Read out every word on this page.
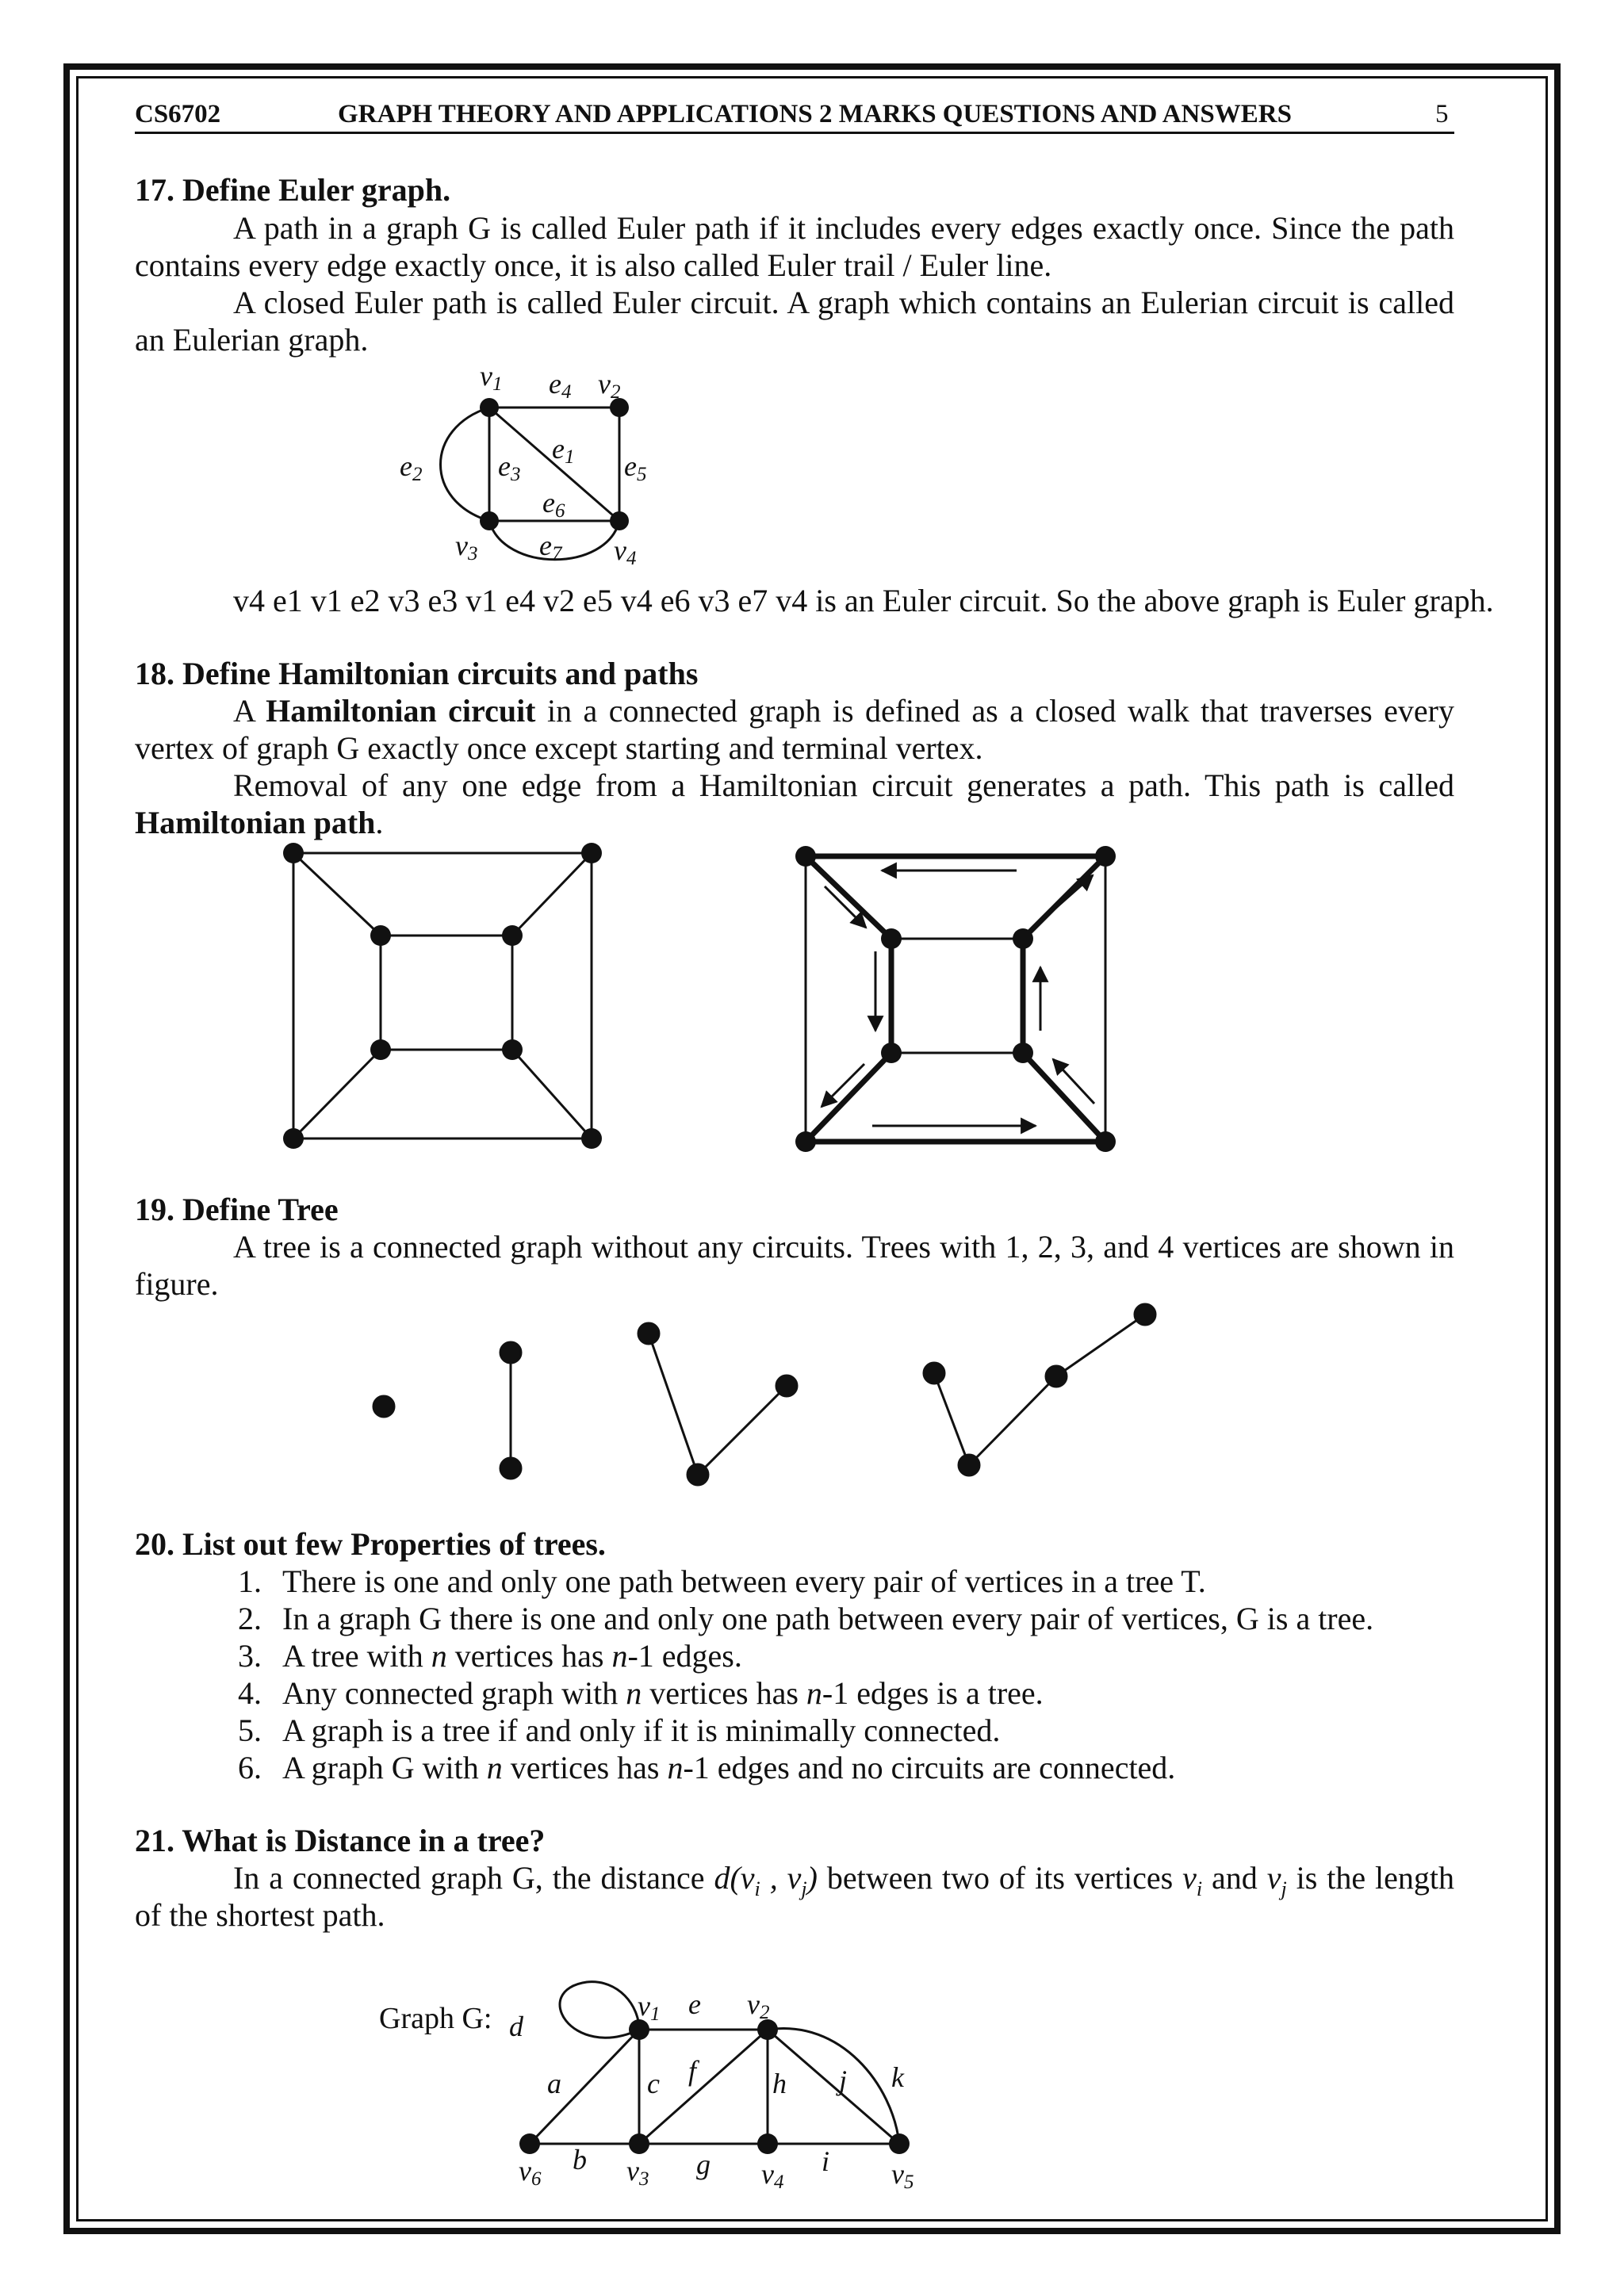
CS6702	GRAPH THEORY AND APPLICATIONS 2 MARKS QUESTIONS AND ANSWERS	5
17. Define Euler graph.
A path in a graph G is called Euler path if it includes every edges exactly once. Since the path
contains every edge exactly once, it is also called Euler trail / Euler line.
A closed Euler path is called Euler circuit. A graph which contains an Eulerian circuit is called
an Eulerian graph.
v1 e4 v2
e1
e2	e3	e5
e6
v3 e7 v4
Graph G: d
v1 e v2
a	c f	h j k
b	g	i
v6	v3	v4	v5
v4 e1 v1 e2 v3 e3 v1 e4 v2 e5 v4 e6 v3 e7 v4 is an Euler circuit. So the above graph is Euler graph.
18. Define Hamiltonian circuits and paths
A Hamiltonian circuit in a connected graph is defined as a closed walk that traverses every
vertex of graph G exactly once except starting and terminal vertex.
Removal of any one edge from a Hamiltonian circuit generates a path. This path is called
Hamiltonian path.
19. Define Tree
A tree is a connected graph without any circuits. Trees with 1, 2, 3, and 4 vertices are shown in
figure.
20. List out few Properties of trees.
1. There is one and only one path between every pair of vertices in a tree T.
2. In a graph G there is one and only one path between every pair of vertices, G is a tree.
3. A tree with n vertices has n-1 edges.
4. Any connected graph with n vertices has n-1 edges is a tree.
5. A graph is a tree if and only if it is minimally connected.
6. A graph G with n vertices has n-1 edges and no circuits are connected.
21. What is Distance in a tree?
In a connected graph G, the distance $d(v_i$ , $v_j$) between two of its vertices $v_i$ and $v_j$ is the length
of the shortest path.
